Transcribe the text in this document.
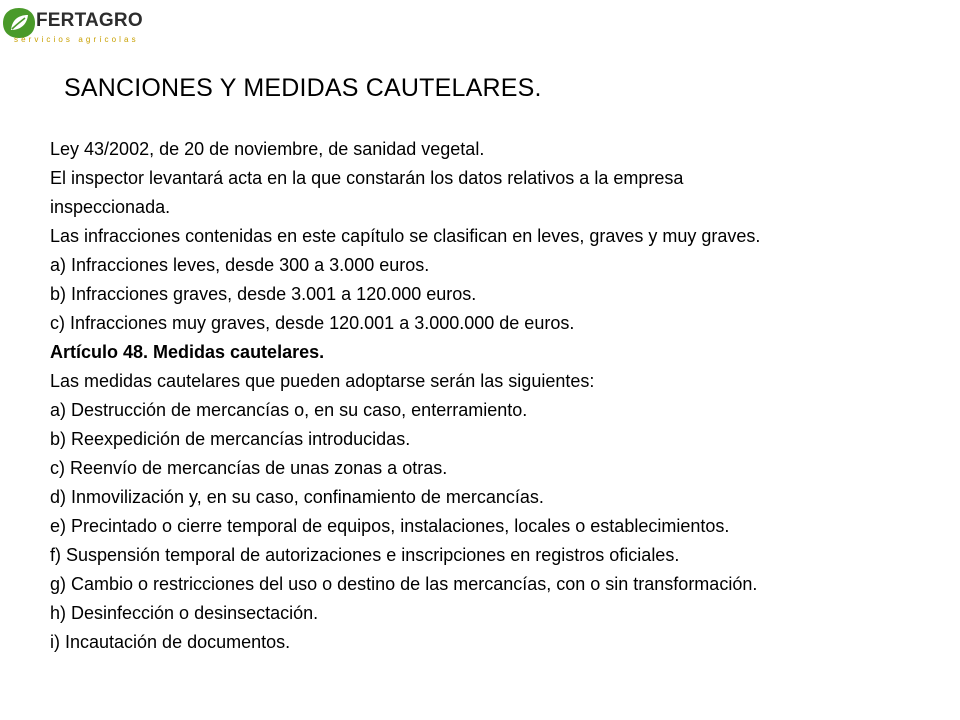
FERTAGRO
servicios agrícolas
SANCIONES Y MEDIDAS CAUTELARES.
Ley 43/2002, de 20 de noviembre, de sanidad vegetal.
El inspector levantará acta en la que constarán los datos relativos a la empresa
inspeccionada.
Las infracciones contenidas en este capítulo se clasifican en leves, graves y muy graves.
a) Infracciones leves, desde 300 a 3.000 euros.
b) Infracciones graves, desde 3.001 a 120.000 euros.
c) Infracciones muy graves, desde 120.001 a 3.000.000 de euros.
Artículo 48. Medidas cautelares.
Las medidas cautelares que pueden adoptarse serán las siguientes:
a) Destrucción de mercancías o, en su caso, enterramiento.
b) Reexpedición de mercancías introducidas.
c) Reenvío de mercancías de unas zonas a otras.
d) Inmovilización y, en su caso, confinamiento de mercancías.
e) Precintado o cierre temporal de equipos, instalaciones, locales o establecimientos.
f) Suspensión temporal de autorizaciones e inscripciones en registros oficiales.
g) Cambio o restricciones del uso o destino de las mercancías, con o sin transformación.
h) Desinfección o desinsectación.
i) Incautación de documentos.
